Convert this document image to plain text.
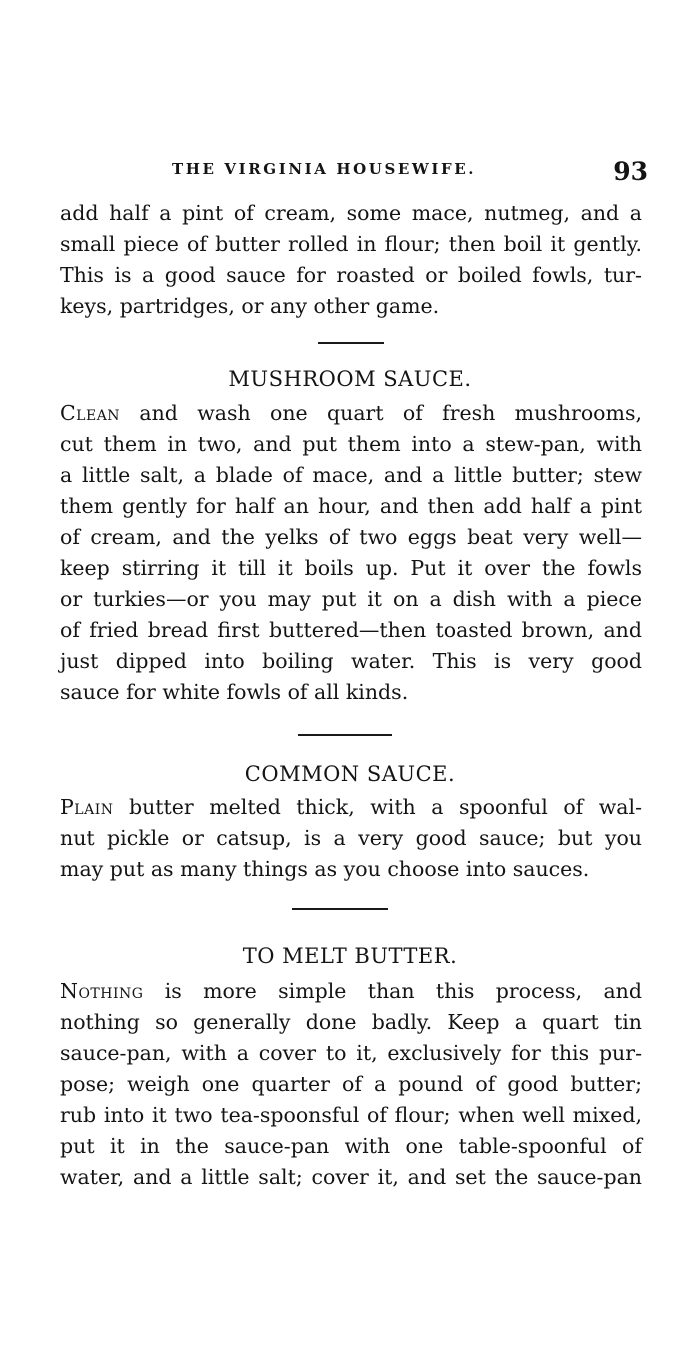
THE VIRGINIA HOUSEWIFE.	93

add half a pint of cream, some mace, nutmeg, and a
small piece of butter rolled in flour; then boil it gently.
This is a good sauce for roasted or boiled fowls, tur-
keys, partridges, or any other game.

MUSHROOM SAUCE.

Clean and wash one quart of fresh mushrooms,
cut them in two, and put them into a stew-pan, with
a little salt, a blade of mace, and a little butter; stew
them gently for half an hour, and then add half a pint
of cream, and the yelks of two eggs beat very well—
keep stirring it till it boils up. Put it over the fowls
or turkies—or you may put it on a dish with a piece
of fried bread first buttered—then toasted brown, and
just dipped into boiling water. This is very good
sauce for white fowls of all kinds.

COMMON SAUCE.

Plain butter melted thick, with a spoonful of wal-
nut pickle or catsup, is a very good sauce; but you
may put as many things as you choose into sauces.

TO MELT BUTTER.

Nothing is more simple than this process, and
nothing so generally done badly. Keep a quart tin
sauce-pan, with a cover to it, exclusively for this pur-
pose; weigh one quarter of a pound of good butter;
rub into it two tea-spoonsful of flour; when well mixed,
put it in the sauce-pan with one table-spoonful of
water, and a little salt; cover it, and set the sauce-pan
